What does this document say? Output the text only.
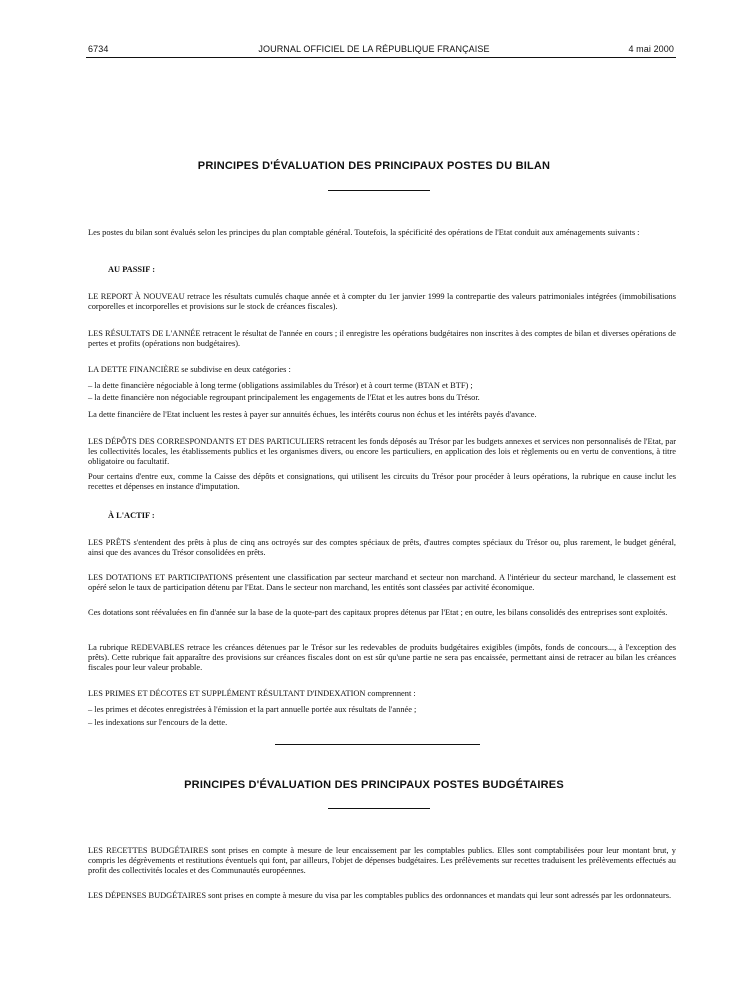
6734	JOURNAL OFFICIEL DE LA RÉPUBLIQUE FRANÇAISE	4 mai 2000
PRINCIPES D'ÉVALUATION DES PRINCIPAUX POSTES DU BILAN
Les postes du bilan sont évalués selon les principes du plan comptable général. Toutefois, la spécificité des opérations de l'Etat conduit aux aménagements suivants :
AU PASSIF :
LE REPORT À NOUVEAU retrace les résultats cumulés chaque année et à compter du 1er janvier 1999 la contrepartie des valeurs patrimoniales intégrées (immobilisations corporelles et incorporelles et provisions sur le stock de créances fiscales).
LES RÉSULTATS DE L'ANNÉE retracent le résultat de l'année en cours ; il enregistre les opérations budgétaires non inscrites à des comptes de bilan et diverses opérations de pertes et profits (opérations non budgétaires).
LA DETTE FINANCIÈRE se subdivise en deux catégories :
– la dette financière négociable à long terme (obligations assimilables du Trésor) et à court terme (BTAN et BTF) ;
– la dette financière non négociable regroupant principalement les engagements de l'Etat et les autres bons du Trésor.
La dette financière de l'Etat incluent les restes à payer sur annuités échues, les intérêts courus non échus et les intérêts payés d'avance.
LES DÉPÔTS DES CORRESPONDANTS ET DES PARTICULIERS retracent les fonds déposés au Trésor par les budgets annexes et services non personnalisés de l'Etat, par les collectivités locales, les établissements publics et les organismes divers, ou encore les particuliers, en application des lois et règlements ou en vertu de conventions, à titre obligatoire ou facultatif.
Pour certains d'entre eux, comme la Caisse des dépôts et consignations, qui utilisent les circuits du Trésor pour procéder à leurs opérations, la rubrique en cause inclut les recettes et dépenses en instance d'imputation.
À L'ACTIF :
LES PRÊTS s'entendent des prêts à plus de cinq ans octroyés sur des comptes spéciaux de prêts, d'autres comptes spéciaux du Trésor ou, plus rarement, le budget général, ainsi que des avances du Trésor consolidées en prêts.
LES DOTATIONS ET PARTICIPATIONS présentent une classification par secteur marchand et secteur non marchand. A l'intérieur du secteur marchand, le classement est opéré selon le taux de participation détenu par l'Etat. Dans le secteur non marchand, les entités sont classées par activité économique.
Ces dotations sont réévaluées en fin d'année sur la base de la quote-part des capitaux propres détenus par l'Etat ; en outre, les bilans consolidés des entreprises sont exploités.
La rubrique REDEVABLES retrace les créances détenues par le Trésor sur les redevables de produits budgétaires exigibles (impôts, fonds de concours..., à l'exception des prêts). Cette rubrique fait apparaître des provisions sur créances fiscales dont on est sûr qu'une partie ne sera pas encaissée, permettant ainsi de retracer au bilan les créances fiscales pour leur valeur probable.
LES PRIMES ET DÉCOTES ET SUPPLÉMENT RÉSULTANT D'INDEXATION comprennent :
– les primes et décotes enregistrées à l'émission et la part annuelle portée aux résultats de l'année ;
– les indexations sur l'encours de la dette.
PRINCIPES D'ÉVALUATION DES PRINCIPAUX POSTES BUDGÉTAIRES
LES RECETTES BUDGÉTAIRES sont prises en compte à mesure de leur encaissement par les comptables publics. Elles sont comptabilisées pour leur montant brut, y compris les dégrèvements et restitutions éventuels qui font, par ailleurs, l'objet de dépenses budgétaires. Les prélèvements sur recettes traduisent les prélèvements effectués au profit des collectivités locales et des Communautés européennes.
LES DÉPENSES BUDGÉTAIRES sont prises en compte à mesure du visa par les comptables publics des ordonnances et mandats qui leur sont adressés par les ordonnateurs.
